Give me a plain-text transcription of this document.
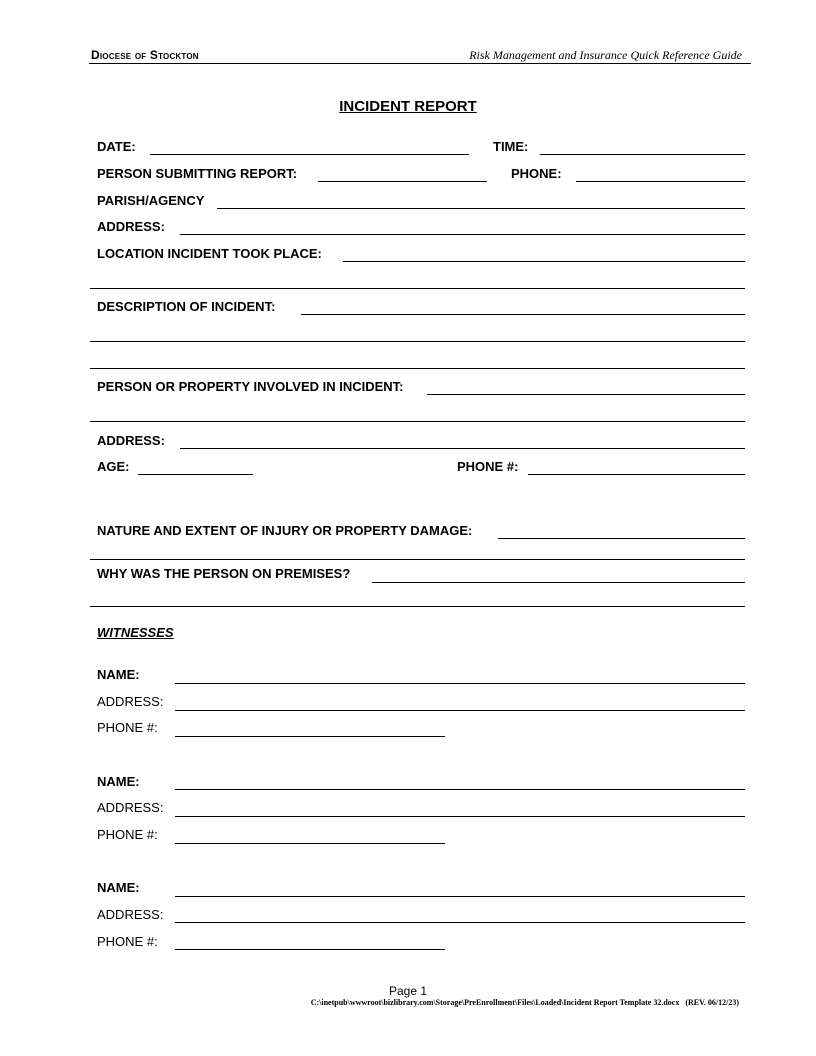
Diocese of Stockton	Risk Management and Insurance Quick Reference Guide
INCIDENT REPORT
DATE:	TIME:
PERSON SUBMITTING REPORT:	PHONE:
PARISH/AGENCY
ADDRESS:
LOCATION INCIDENT TOOK PLACE:
DESCRIPTION OF INCIDENT:
PERSON OR PROPERTY INVOLVED IN INCIDENT:
ADDRESS:
AGE:	PHONE #:
NATURE AND EXTENT OF INJURY OR PROPERTY DAMAGE:
WHY WAS THE PERSON ON PREMISES?
WITNESSES
NAME:
ADDRESS:
PHONE #:
NAME:
ADDRESS:
PHONE #:
NAME:
ADDRESS:
PHONE #:
Page 1
C:\inetpub\wwwroot\bizlibrary.com\Storage\PreEnrollment\Files\Loaded\Incident Report Template 32.docx (REV. 06/12/23)
